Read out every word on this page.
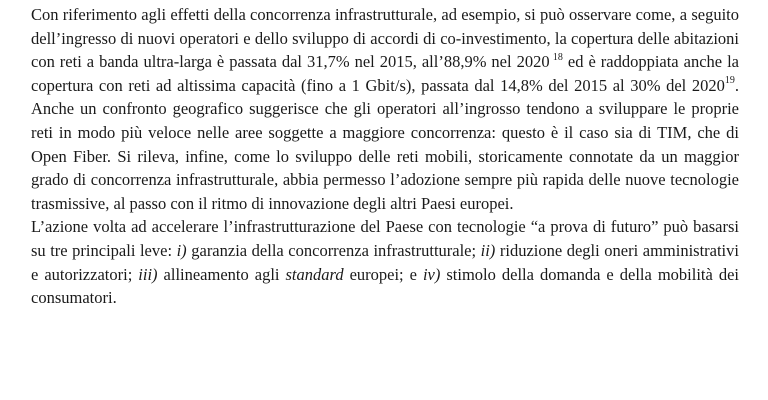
Con riferimento agli effetti della concorrenza infrastrutturale, ad esempio, si può osservare come, a seguito dell’ingresso di nuovi operatori e dello sviluppo di accordi di co-investimento, la copertura delle abitazioni con reti a banda ultra-larga è passata dal 31,7% nel 2015, all’88,9% nel 2020  $^{18}$ ed è raddoppiata anche la copertura con reti ad altissima capacità (fino a 1 Gbit/s), passata dal 14,8% del 2015 al 30% del 2020$^{19}$. Anche un confronto geografico suggerisce che gli operatori all’ingrosso tendono a sviluppare le proprie reti in modo più veloce nelle aree soggette a maggiore concorrenza: questo è il caso sia di TIM, che di Open Fiber. Si rileva, infine, come lo sviluppo delle reti mobili, storicamente connotate da un maggior grado di concorrenza infrastrutturale, abbia permesso l’adozione sempre più rapida delle nuove tecnologie trasmissive, al passo con il ritmo di innovazione degli altri Paesi europei.

L’azione volta ad accelerare l’infrastrutturazione del Paese con tecnologie “a prova di futuro” può basarsi su tre principali leve: i) garanzia della concorrenza infrastrutturale; ii) riduzione degli oneri amministrativi e autorizzatori; iii) allineamento agli standard europei; e iv) stimolo della domanda e della mobilità dei consumatori.
